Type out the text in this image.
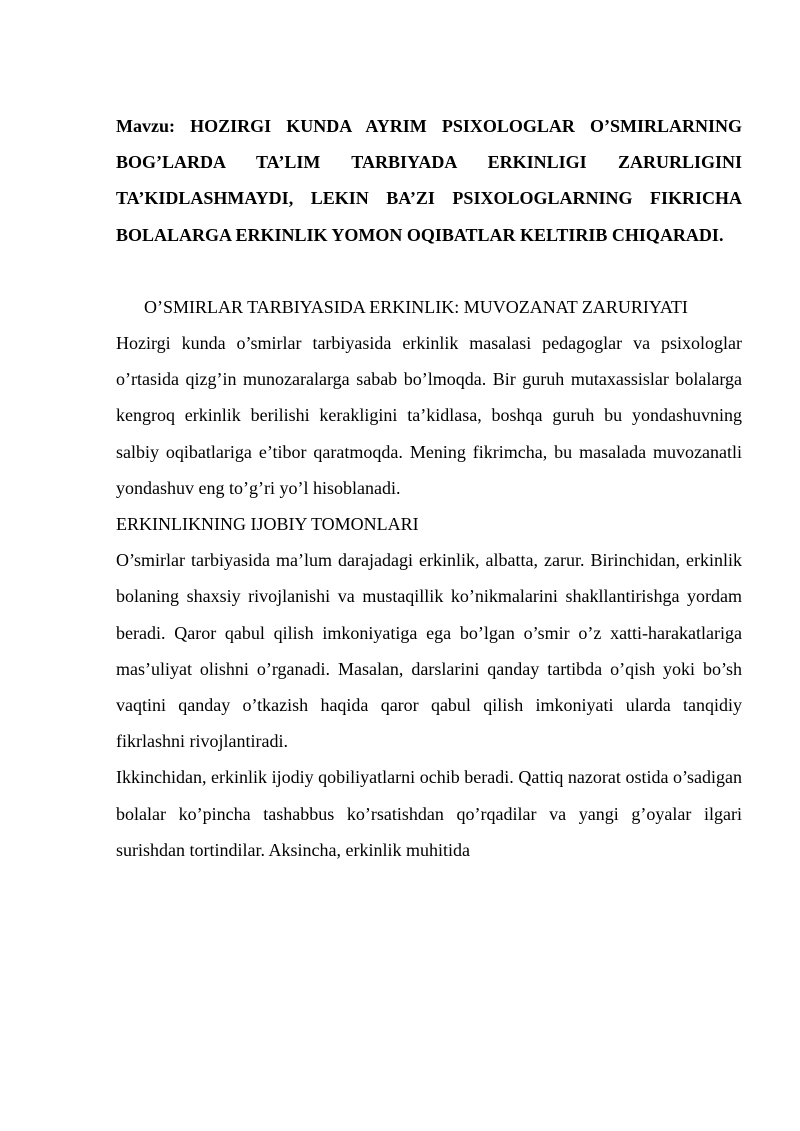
Mavzu: HOZIRGI KUNDA AYRIM PSIXOLOGLAR O’SMIRLARNING BOG’LARDA TA’LIM TARBIYADA ERKINLIGI ZARURLIGINI TA’KIDLASHMAYDI, LEKIN BA’ZI PSIXOLOGLARNING FIKRICHA BOLALARGA ERKINLIK YOMON OQIBATLAR KELTIRIB CHIQARADI.

O’SMIRLAR TARBIYASIDA ERKINLIK: MUVOZANAT ZARURIYATI

Hozirgi kunda o’smirlar tarbiyasida erkinlik masalasi pedagoglar va psixologlar o’rtasida qizg’in munozaralarga sabab bo’lmoqda. Bir guruh mutaxassislar bolalarga kengroq erkinlik berilishi kerakligini ta’kidlasa, boshqa guruh bu yondashuvning salbiy oqibatlariga e’tibor qaratmoqda. Mening fikrimcha, bu masalada muvozanatli yondashuv eng to’g’ri yo’l hisoblanadi.

ERKINLIKNING IJOBIY TOMONLARI

O’smirlar tarbiyasida ma’lum darajadagi erkinlik, albatta, zarur. Birinchidan, erkinlik bolaning shaxsiy rivojlanishi va mustaqillik ko’nikmalarini shakllantirishga yordam beradi. Qaror qabul qilish imkoniyatiga ega bo’lgan o’smir o’z xatti-harakatlariga mas’uliyat olishni o’rganadi. Masalan, darslarini qanday tartibda o’qish yoki bo’sh vaqtini qanday o’tkazish haqida qaror qabul qilish imkoniyati ularda tanqidiy fikrlashni rivojlantiradi.

Ikkinchidan, erkinlik ijodiy qobiliyatlarni ochib beradi. Qattiq nazorat ostida o’sadigan bolalar ko’pincha tashabbus ko’rsatishdan qo’rqadilar va yangi g’oyalar ilgari surishdan tortindilar. Aksincha, erkinlik muhitida
